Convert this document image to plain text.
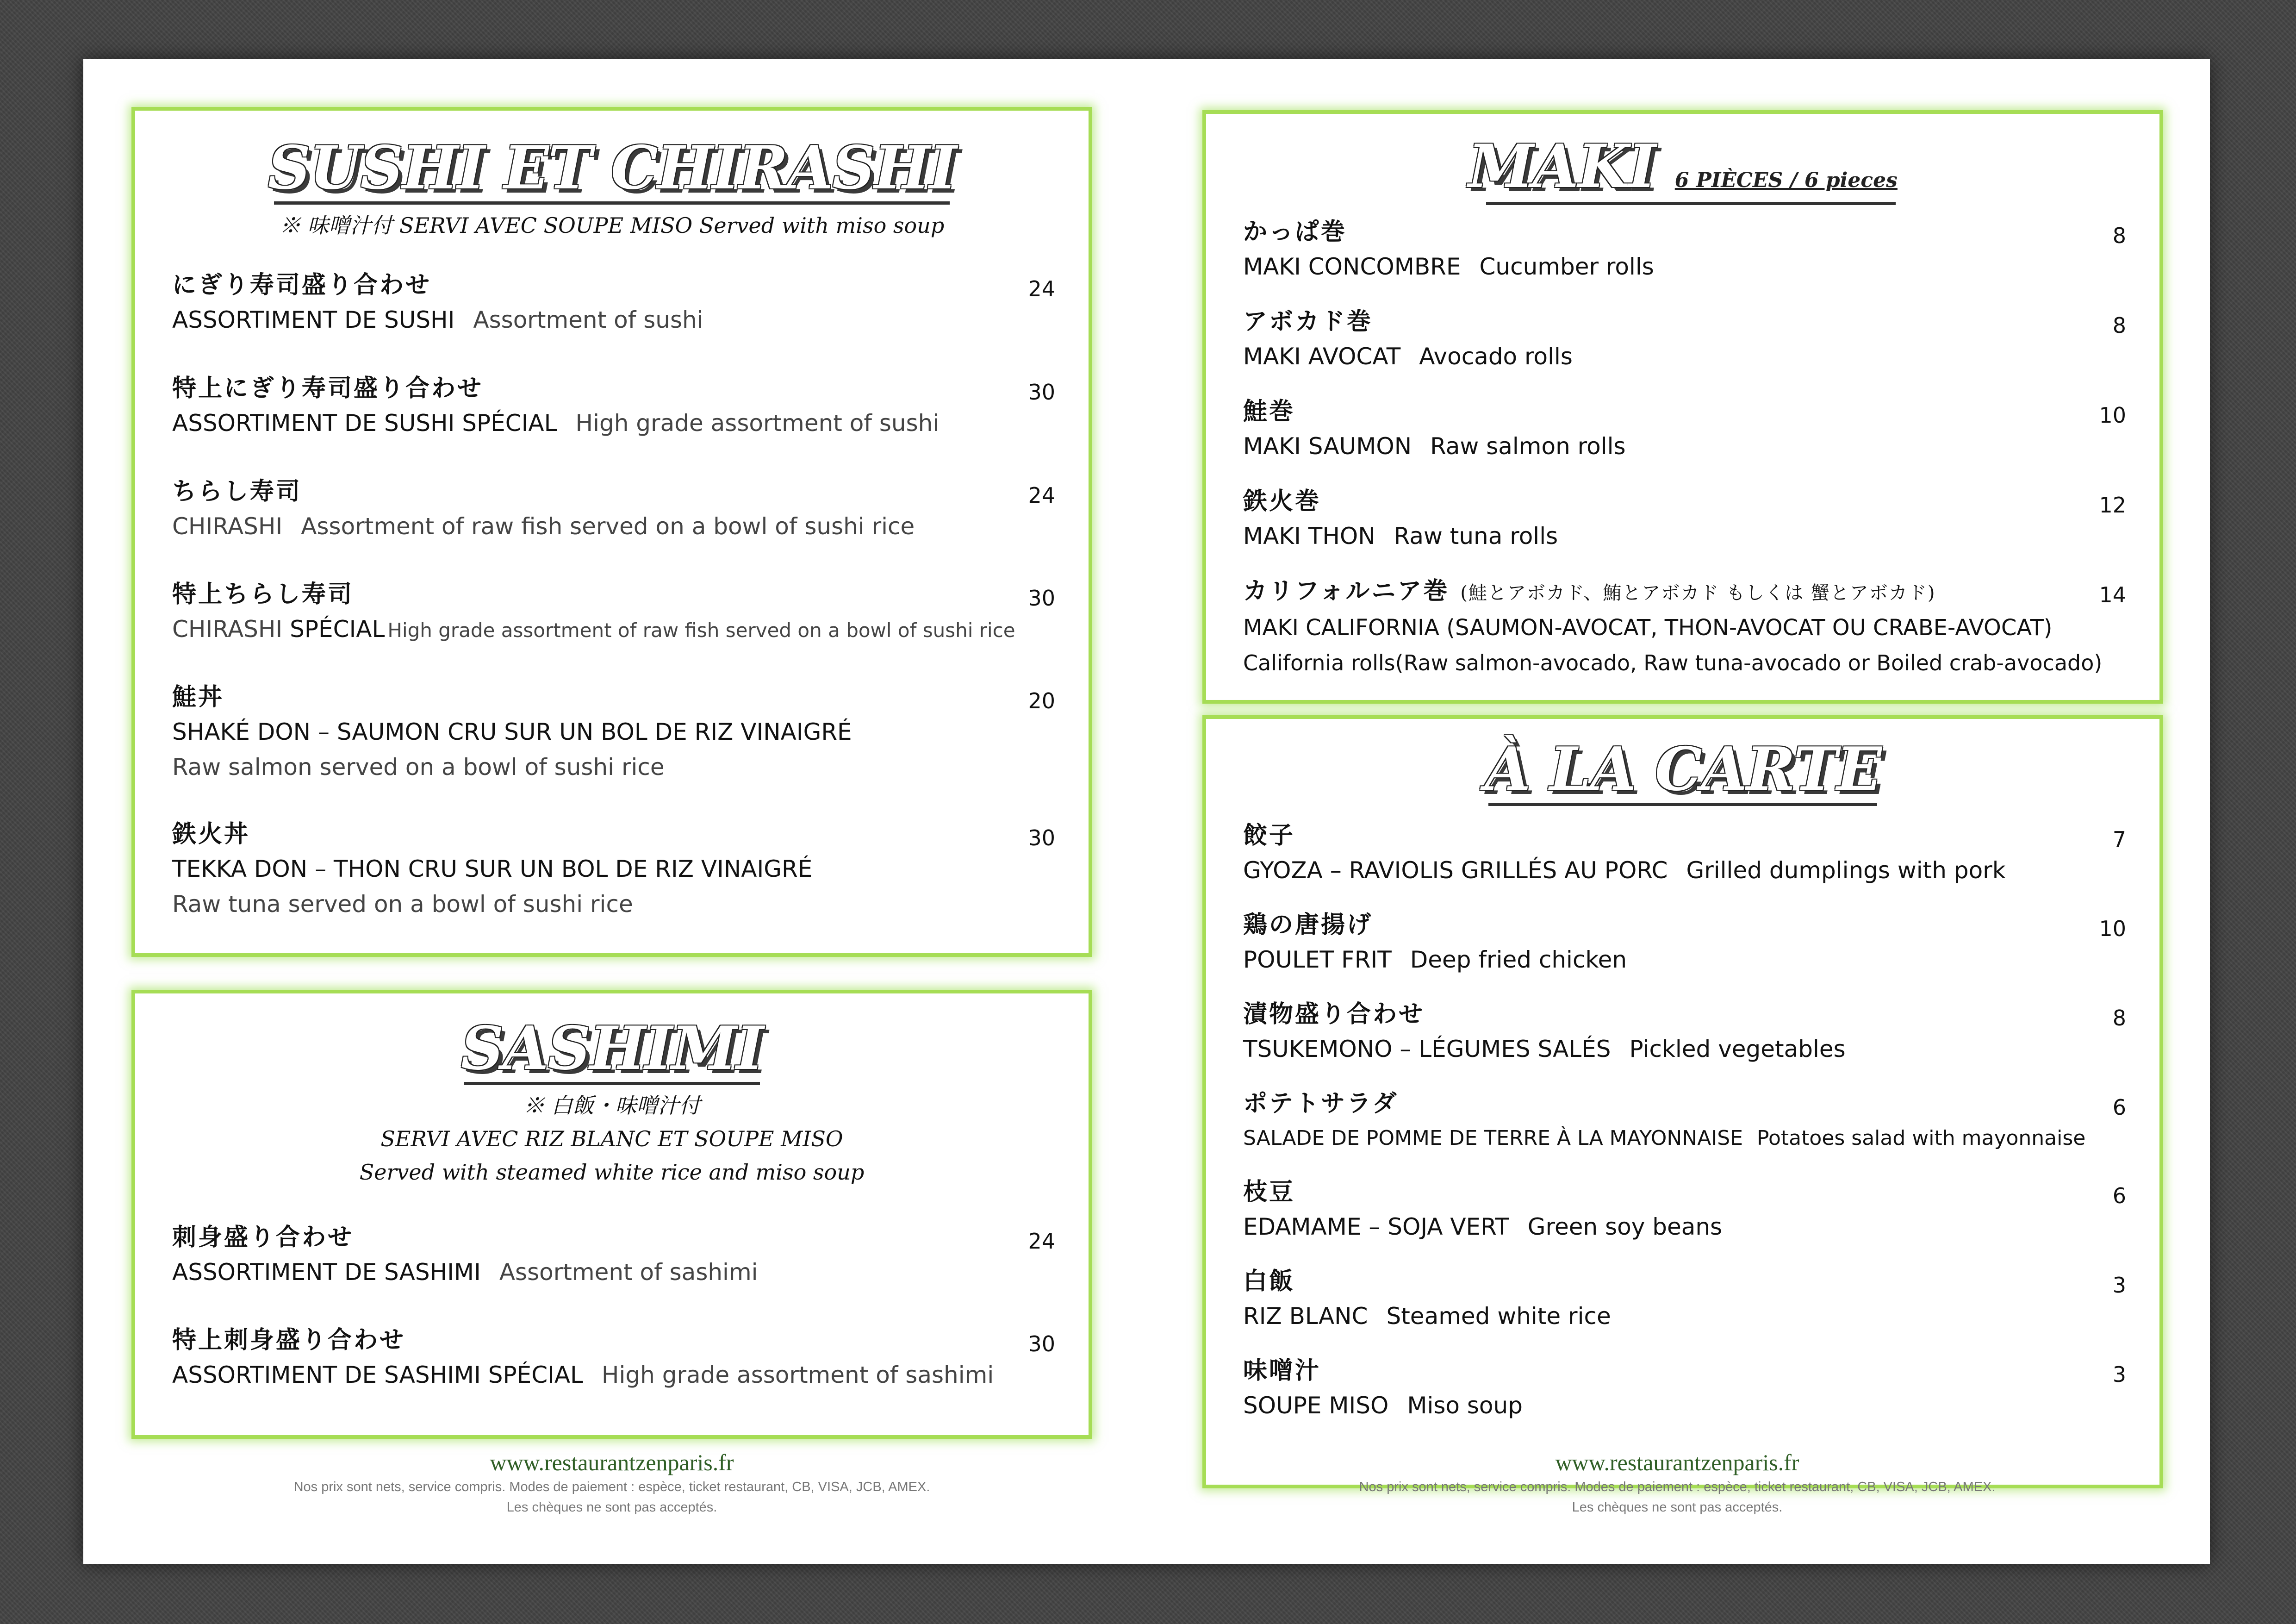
SUSHI ET CHIRASHI
※ 味噌汁付 SERVI AVEC SOUPE MISO Served with miso soup
にぎり寿司盛り合わせ
ASSORTIMENT DE SUSHI Assortment of sushi
24
特上にぎり寿司盛り合わせ
ASSORTIMENT DE SUSHI SPÉCIAL High grade assortment of sushi
30
ちらし寿司
CHIRASHI Assortment of raw fish served on a bowl of sushi rice
24
特上ちらし寿司
CHIRASHI SPÉCIAL High grade assortment of raw fish served on a bowl of sushi rice
30
鮭丼
SHAKÉ DON – SAUMON CRU SUR UN BOL DE RIZ VINAIGRÉ
Raw salmon served on a bowl of sushi rice
20
鉄火丼
TEKKA DON – THON CRU SUR UN BOL DE RIZ VINAIGRÉ
Raw tuna served on a bowl of sushi rice
30
SASHIMI
※ 白飯・味噌汁付
SERVI AVEC RIZ BLANC ET SOUPE MISO
Served with steamed white rice and miso soup
刺身盛り合わせ
ASSORTIMENT DE SASHIMI Assortment of sashimi
24
特上刺身盛り合わせ
ASSORTIMENT DE SASHIMI SPÉCIAL High grade assortment of sashimi
30
www.restaurantzenparis.fr
Nos prix sont nets, service compris. Modes de paiement : espèce, ticket restaurant, CB, VISA, JCB, AMEX.
Les chèques ne sont pas acceptés.
MAKI 6 PIÈCES / 6 pieces
かっぱ巻
MAKI CONCOMBRE Cucumber rolls
8
アボカド巻
MAKI AVOCAT Avocado rolls
8
鮭巻
MAKI SAUMON Raw salmon rolls
10
鉄火巻
MAKI THON Raw tuna rolls
12
カリフォルニア巻 (鮭とアボカド、鮪とアボカド もしくは 蟹とアボカド)
MAKI CALIFORNIA (SAUMON-AVOCAT, THON-AVOCAT OU CRABE-AVOCAT)
California rolls(Raw salmon-avocado, Raw tuna-avocado or Boiled crab-avocado)
14
À LA CARTE
餃子
GYOZA – RAVIOLIS GRILLÉS AU PORC Grilled dumplings with pork
7
鶏の唐揚げ
POULET FRIT Deep fried chicken
10
漬物盛り合わせ
TSUKEMONO – LÉGUMES SALÉS Pickled vegetables
8
ポテトサラダ
SALADE DE POMME DE TERRE À LA MAYONNAISE Potatoes salad with mayonnaise
6
枝豆
EDAMAME – SOJA VERT Green soy beans
6
白飯
RIZ BLANC Steamed white rice
3
味噌汁
SOUPE MISO Miso soup
3
www.restaurantzenparis.fr
Nos prix sont nets, service compris. Modes de paiement : espèce, ticket restaurant, CB, VISA, JCB, AMEX.
Les chèques ne sont pas acceptés.
